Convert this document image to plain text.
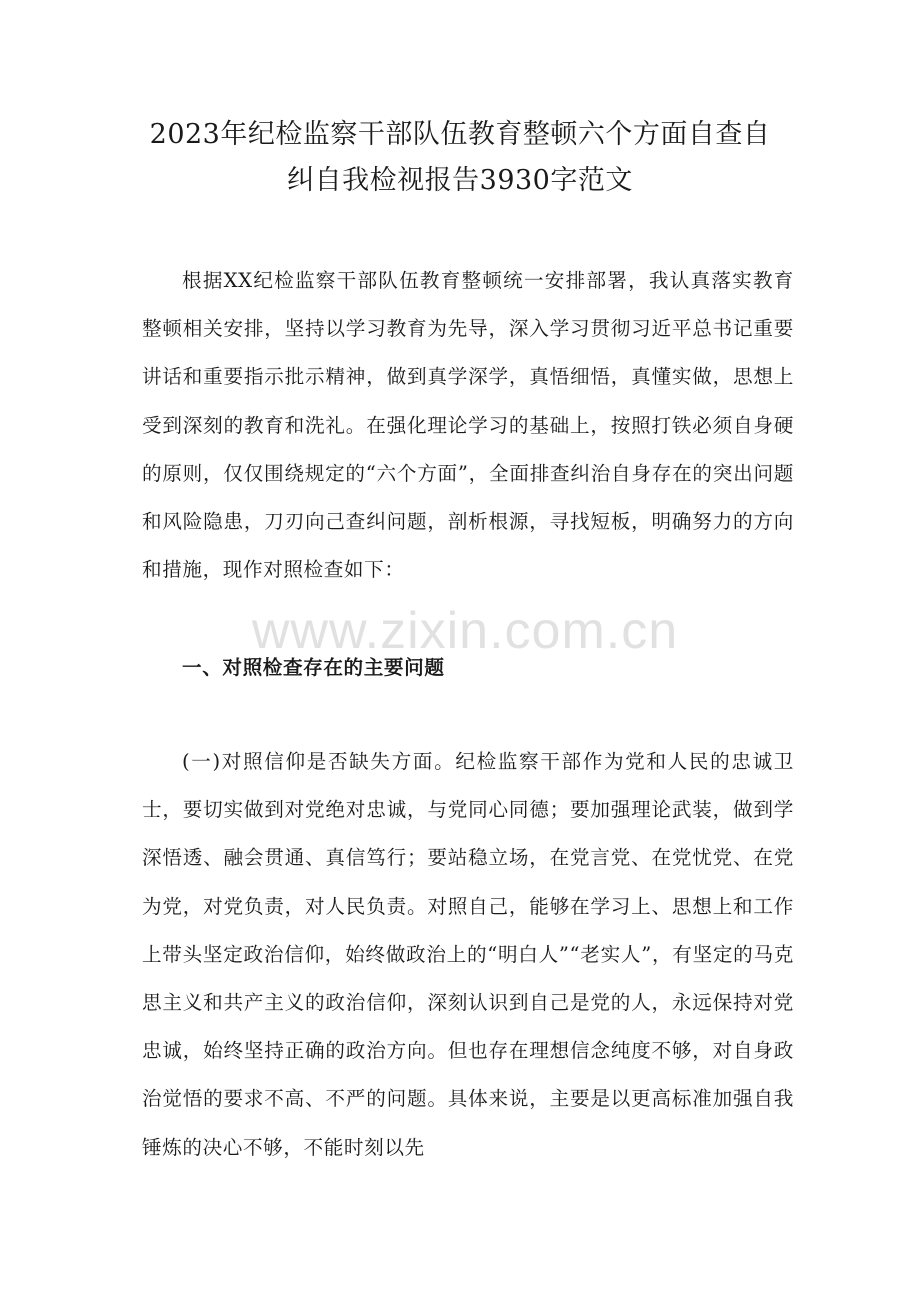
2023年纪检监察干部队伍教育整顿六个方面自查自
纠自我检视报告3930字范文

根据XX纪检监察干部队伍教育整顿统一安排部署，我认真落实教育整顿相关安排，坚持以学习教育为先导，深入学习贯彻习近平总书记重要讲话和重要指示批示精神，做到真学深学，真悟细悟，真懂实做，思想上受到深刻的教育和洗礼。在强化理论学习的基础上，按照打铁必须自身硬的原则，仅仅围绕规定的“六个方面”，全面排查纠治自身存在的突出问题和风险隐患，刀刃向己查纠问题，剖析根源，寻找短板，明确努力的方向和措施，现作对照检查如下：

www.zixin.com.cn
一、对照检查存在的主要问题

(一)对照信仰是否缺失方面。纪检监察干部作为党和人民的忠诚卫士，要切实做到对党绝对忠诚，与党同心同德；要加强理论武装，做到学深悟透、融会贯通、真信笃行；要站稳立场，在党言党、在党忧党、在党为党，对党负责，对人民负责。对照自己，能够在学习上、思想上和工作上带头坚定政治信仰，始终做政治上的“明白人”“老实人”，有坚定的马克思主义和共产主义的政治信仰，深刻认识到自己是党的人，永远保持对党忠诚，始终坚持正确的政治方向。但也存在理想信念纯度不够，对自身政治觉悟的要求不高、不严的问题。具体来说，主要是以更高标准加强自我锤炼的决心不够，不能时刻以先
